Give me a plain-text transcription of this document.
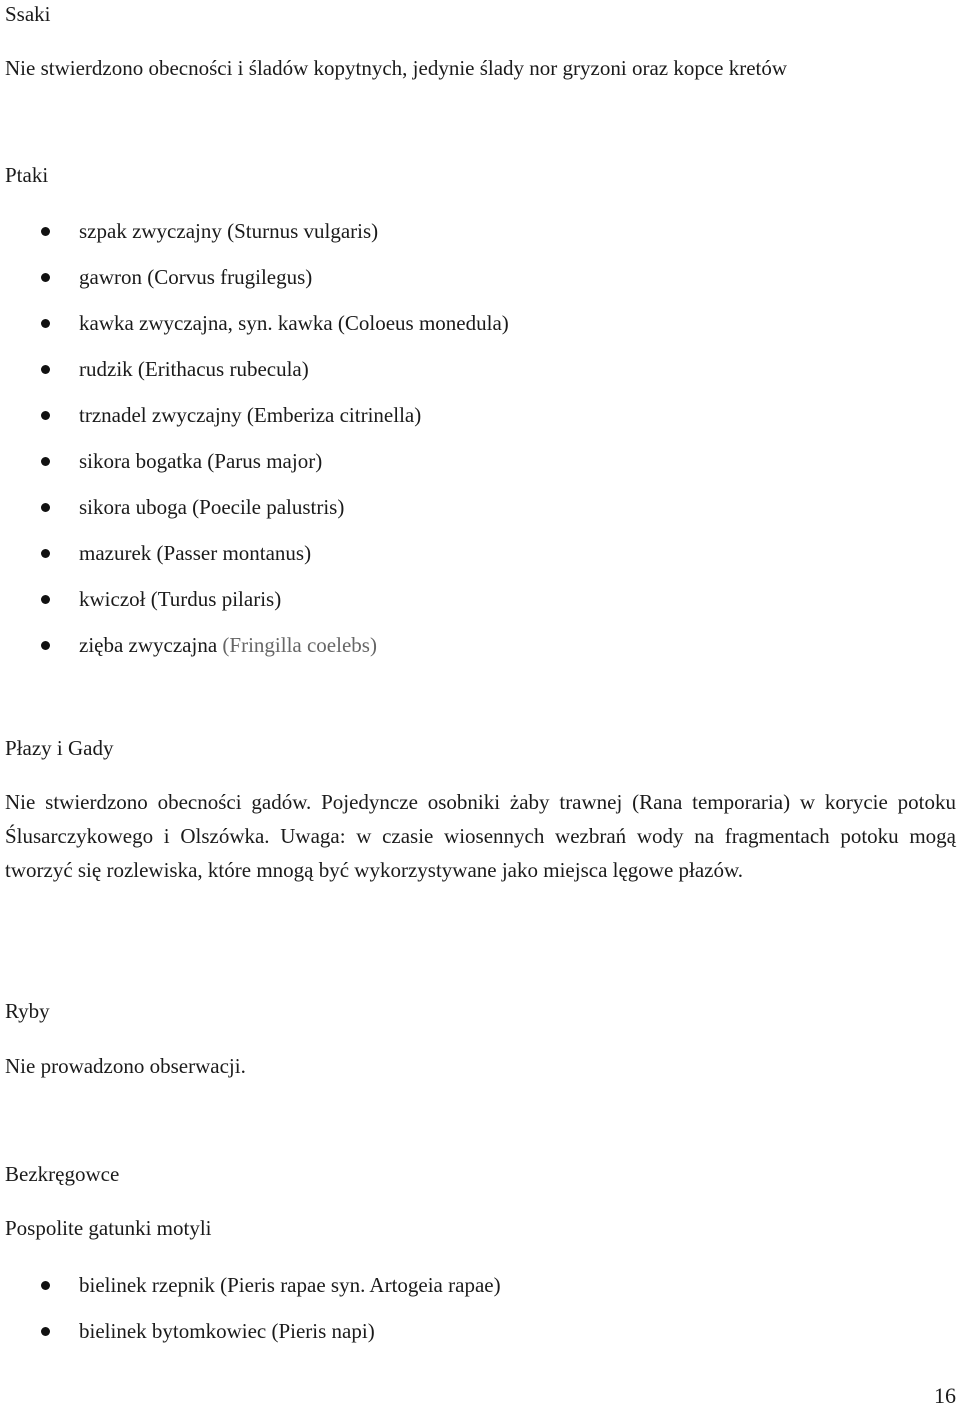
Ssaki

Nie stwierdzono obecności i śladów kopytnych, jedynie ślady nor gryzoni oraz kopce kretów

Ptaki
szpak zwyczajny (Sturnus vulgaris)
gawron (Corvus frugilegus)
kawka zwyczajna, syn. kawka (Coloeus monedula)
rudzik (Erithacus rubecula)
trznadel zwyczajny (Emberiza citrinella)
sikora bogatka (Parus major)
sikora uboga (Poecile palustris)
mazurek (Passer montanus)
kwiczoł (Turdus pilaris)
zięba zwyczajna (Fringilla coelebs)
Płazy i Gady

Nie stwierdzono obecności gadów. Pojedyncze osobniki żaby trawnej (Rana temporaria) w korycie potoku Ślusarczykowego i Olszówka. Uwaga: w czasie wiosennych wezbrań wody na fragmentach potoku mogą tworzyć się rozlewiska, które mnogą być wykorzystywane jako miejsca lęgowe płazów.

Ryby

Nie prowadzono obserwacji.

Bezkręgowce

Pospolite gatunki motyli

bielinek rzepnik (Pieris rapae syn. Artogeia rapae)
bielinek bytomkowiec (Pieris napi)
16
